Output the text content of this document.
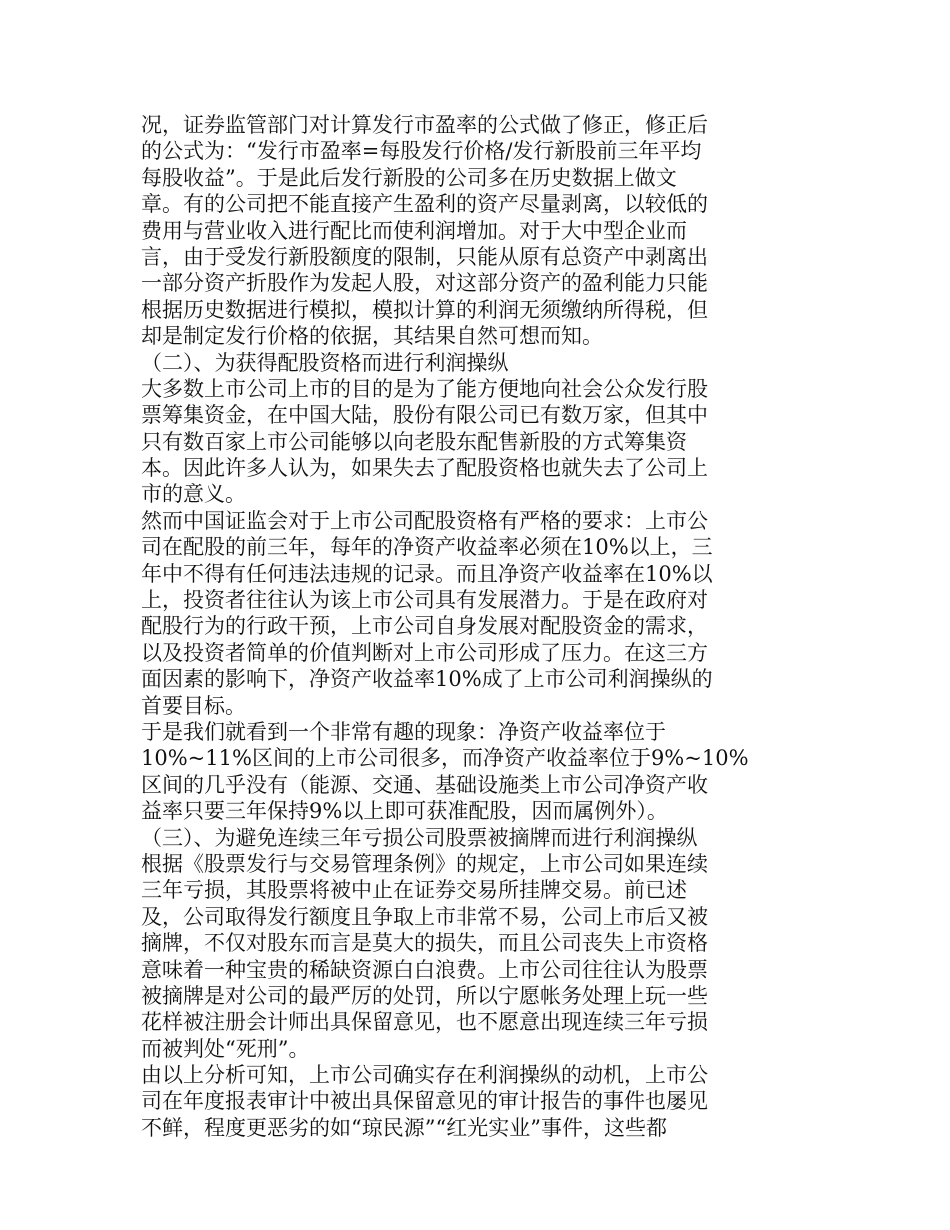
况，证券监管部门对计算发行市盈率的公式做了修正，修正后
的公式为：“发行市盈率=每股发行价格/发行新股前三年平均
每股收益”。于是此后发行新股的公司多在历史数据上做文
章。有的公司把不能直接产生盈利的资产尽量剥离，以较低的
费用与营业收入进行配比而使利润增加。对于大中型企业而
言，由于受发行新股额度的限制，只能从原有总资产中剥离出
一部分资产折股作为发起人股，对这部分资产的盈利能力只能
根据历史数据进行模拟，模拟计算的利润无须缴纳所得税，但
却是制定发行价格的依据，其结果自然可想而知。
（二）、为获得配股资格而进行利润操纵
大多数上市公司上市的目的是为了能方便地向社会公众发行股
票筹集资金，在中国大陆，股份有限公司已有数万家，但其中
只有数百家上市公司能够以向老股东配售新股的方式筹集资
本。因此许多人认为，如果失去了配股资格也就失去了公司上
市的意义。
然而中国证监会对于上市公司配股资格有严格的要求：上市公
司在配股的前三年，每年的净资产收益率必须在10%以上，三
年中不得有任何违法违规的记录。而且净资产收益率在10%以
上，投资者往往认为该上市公司具有发展潜力。于是在政府对
配股行为的行政干预，上市公司自身发展对配股资金的需求，
以及投资者简单的价值判断对上市公司形成了压力。在这三方
面因素的影响下，净资产收益率10%成了上市公司利润操纵的
首要目标。
于是我们就看到一个非常有趣的现象：净资产收益率位于
10%~11%区间的上市公司很多，而净资产收益率位于9%~10%
区间的几乎没有（能源、交通、基础设施类上市公司净资产收
益率只要三年保持9%以上即可获准配股，因而属例外）。
（三）、为避免连续三年亏损公司股票被摘牌而进行利润操纵
根据《股票发行与交易管理条例》的规定，上市公司如果连续
三年亏损，其股票将被中止在证券交易所挂牌交易。前已述
及，公司取得发行额度且争取上市非常不易，公司上市后又被
摘牌，不仅对股东而言是莫大的损失，而且公司丧失上市资格
意味着一种宝贵的稀缺资源白白浪费。上市公司往往认为股票
被摘牌是对公司的最严厉的处罚，所以宁愿帐务处理上玩一些
花样被注册会计师出具保留意见，也不愿意出现连续三年亏损
而被判处“死刑”。
由以上分析可知，上市公司确实存在利润操纵的动机，上市公
司在年度报表审计中被出具保留意见的审计报告的事件也屡见
不鲜，程度更恶劣的如“琼民源”“红光实业”事件，这些都
